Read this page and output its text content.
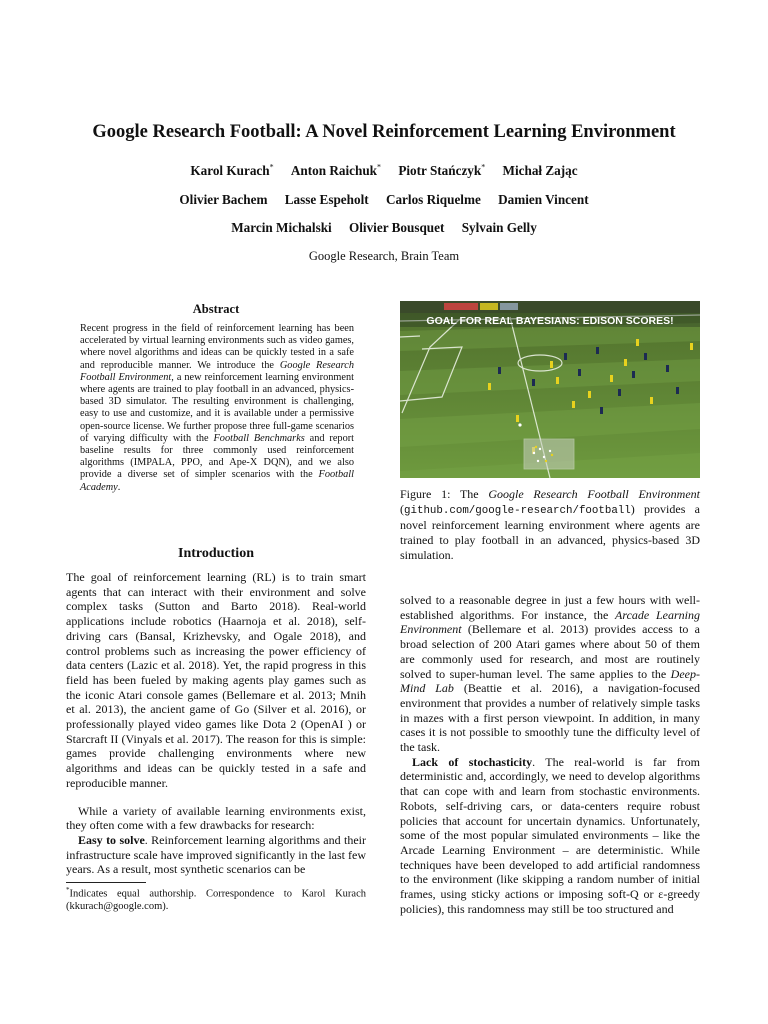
Google Research Football: A Novel Reinforcement Learning Environment
Karol Kurach* Anton Raichuk* Piotr Stańczyk* Michał Zając
Olivier Bachem Lasse Espeholt Carlos Riquelme Damien Vincent
Marcin Michalski Olivier Bousquet Sylvain Gelly
Google Research, Brain Team
Abstract
Recent progress in the field of reinforcement learning has been accelerated by virtual learning environments such as video games, where novel algorithms and ideas can be quickly tested in a safe and reproducible manner. We introduce the Google Research Football Environment, a new reinforcement learning environment where agents are trained to play football in an advanced, physics-based 3D simulator. The resulting environment is challenging, easy to use and customize, and it is available under a permissive open-source license. We further propose three full-game scenarios of varying difficulty with the Football Benchmarks and report baseline results for three commonly used reinforcement algorithms (IMPALA, PPO, and Ape-X DQN), and we also provide a diverse set of simpler scenarios with the Football Academy.
GOAL FOR REAL BAYESIANS: EDISON SCORES!
Figure 1: The Google Research Football Environment (github.com/google-research/football) provides a novel reinforcement learning environment where agents are trained to play football in an advanced, physics-based 3D simulation.
Introduction

The goal of reinforcement learning (RL) is to train smart agents that can interact with their environment and solve complex tasks (Sutton and Barto 2018). Real-world applications include robotics (Haarnoja et al. 2018), self-driving cars (Bansal, Krizhevsky, and Ogale 2018), and control problems such as increasing the power efficiency of data centers (Lazic et al. 2018). Yet, the rapid progress in this field has been fueled by making agents play games such as the iconic Atari console games (Bellemare et al. 2013; Mnih et al. 2013), the ancient game of Go (Silver et al. 2016), or professionally played video games like Dota 2 (OpenAI ) or Starcraft II (Vinyals et al. 2017). The reason for this is simple: games provide challenging environments where new algorithms and ideas can be quickly tested in a safe and reproducible manner.

While a variety of available learning environments exist, they often come with a few drawbacks for research:

Easy to solve. Reinforcement learning algorithms and their infrastructure scale have improved significantly in the last few years. As a result, most synthetic scenarios can be

solved to a reasonable degree in just a few hours with well-established algorithms. For instance, the Arcade Learning Environment (Bellemare et al. 2013) provides access to a broad selection of 200 Atari games where about 50 of them are commonly used for research, and most are routinely solved to super-human level. The same applies to the Deep-Mind Lab (Beattie et al. 2016), a navigation-focused environment that provides a number of relatively simple tasks in mazes with a first person viewpoint. In addition, in many cases it is not possible to smoothly tune the difficulty level of the task.

Lack of stochasticity. The real-world is far from deterministic and, accordingly, we need to develop algorithms that can cope with and learn from stochastic environments. Robots, self-driving cars, or data-centers require robust policies that account for uncertain dynamics. Unfortunately, some of the most popular simulated environments – like the Arcade Learning Environment – are deterministic. While techniques have been developed to add artificial randomness to the environment (like skipping a random number of initial frames, using sticky actions or imposing soft-Q or ε-greedy policies), this randomness may still be too structured and

*Indicates equal authorship. Correspondence to Karol Kurach (kkurach@google.com).
